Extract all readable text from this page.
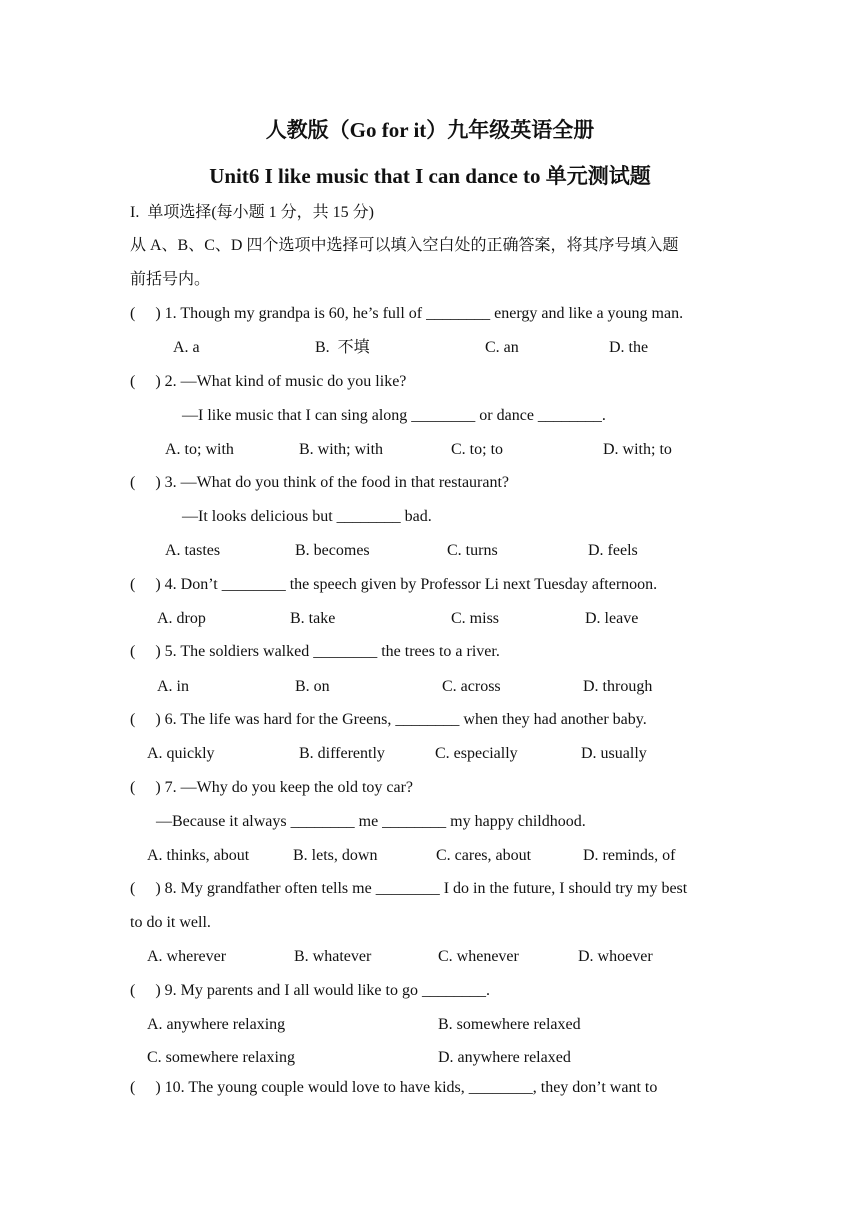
人教版（Go for it）九年级英语全册
Unit6 I like music that I can dance to 单元测试题
I.  单项选择(每小题 1 分，共 15 分)
从 A、B、C、D 四个选项中选择可以填入空白处的正确答案，将其序号填入题
前括号内。
(     ) 1. Though my grandpa is 60, he’s full of ________ energy and like a young man.
A. a	B.  不填	C. an	D. the
(     ) 2. —What kind of music do you like?
—I like music that I can sing along ________ or dance ________.
A. to; with	B. with; with	C. to; to	D. with; to
(     ) 3. —What do you think of the food in that restaurant?
—It looks delicious but ________ bad.
A. tastes	B. becomes	C. turns	D. feels
(     ) 4. Don’t ________ the speech given by Professor Li next Tuesday afternoon.
A. drop	B. take	C. miss	D. leave
(     ) 5. The soldiers walked ________ the trees to a river.
A. in	B. on	C. across	D. through
(     ) 6. The life was hard for the Greens, ________ when they had another baby.
A. quickly	B. differently	C. especially	D. usually
(     ) 7. —Why do you keep the old toy car?
—Because it always ________ me ________ my happy childhood.
A. thinks, about	B. lets, down	C. cares, about	D. reminds, of
(     ) 8. My grandfather often tells me ________ I do in the future, I should try my best
to do it well.
A. wherever	B. whatever	C. whenever	D. whoever
(     ) 9. My parents and I all would like to go ________.
A. anywhere relaxing	B. somewhere relaxed
C. somewhere relaxing	D. anywhere relaxed
(     ) 10. The young couple would love to have kids, ________, they don’t want to
